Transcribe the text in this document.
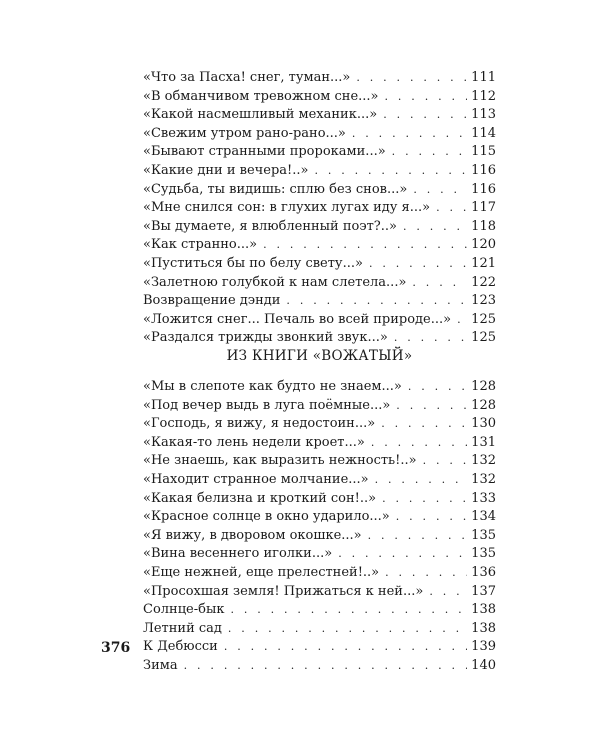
«Что за Пасха! снег, туман...» . . .	111
«В обманчивом тревожном сне...» . . .	112
«Какой насмешливый механик...» . . .	113
«Свежим утром рано-рано...» . . .	114
«Бывают странными пророками...» . . .	115
«Какие дни и вечера!..» . . .	116
«Судьба, ты видишь: сплю без снов...» . . .	116
«Мне снился сон: в глухих лугах иду я...» . . .	117
«Вы думаете, я влюбленный поэт?..» . . .	118
«Как странно...» . . .	120
«Пуститься бы по белу свету...» . . .	121
«Залетною голубкой к нам слетела...» . . .	122
Возвращение дэнди . . .	123
«Ложится снег... Печаль во всей природе...» . . . 125
«Раздался трижды звонкий звук...» . . .	125
ИЗ КНИГИ «ВОЖАТЫЙ»
«Мы в слепоте как будто не знаем...» . . .	128
«Под вечер выдь в луга поёмные...» . . .	128
«Господь, я вижу, я недостоин...» . . .	130
«Какая-то лень недели кроет...» . . .	131
«Не знаешь, как выразить нежность!..» . . .	132
«Находит странное молчание...» . . .	132
«Какая белизна и кроткий сон!..» . . .	133
«Красное солнце в окно ударило...» . . .	134
«Я вижу, в дворовом окошке...» . . .	135
«Вина весеннего иголки...» . . .	135
«Еще нежней, еще прелестней!..» . . .	136
«Просохшая земля! Прижаться к ней...» . . .	137
Солнце-бык . . .	138
Летний сад . . .	138
К Дебюсси . . .	139
Зима . . .	140
376
